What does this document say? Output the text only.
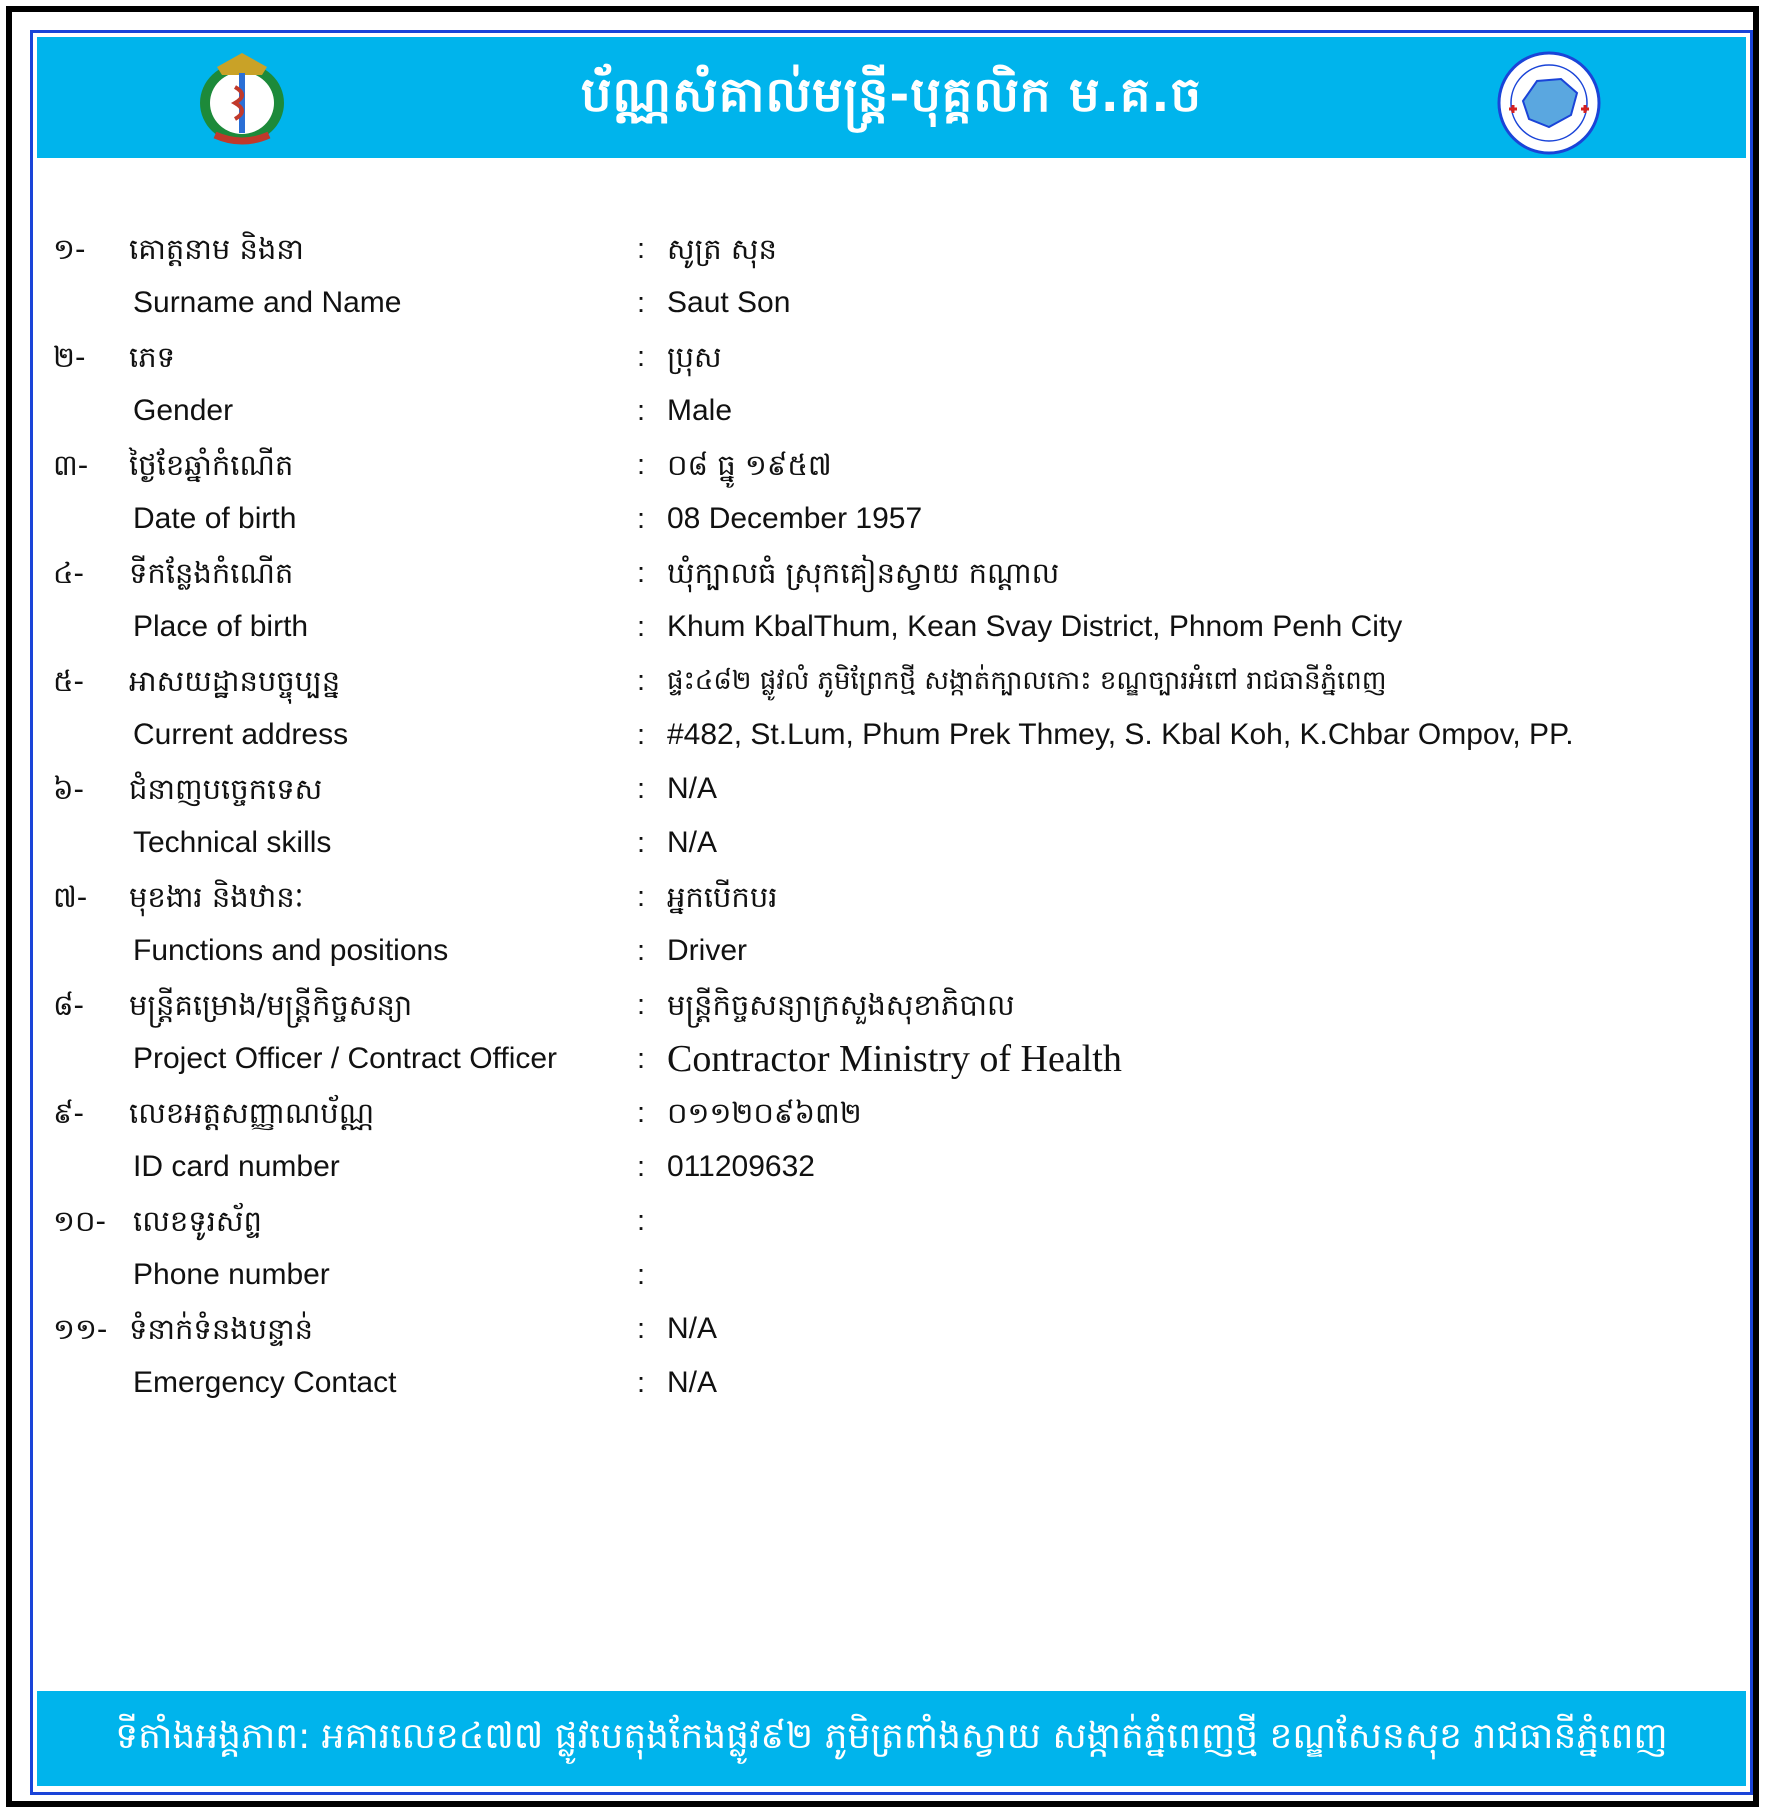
ប័ណ្ណសំគាល់មន្ត្រី-បុគ្គលិក ម.គ.ច
១- គោត្តនាម និងនា	: សូត្រ សុន
Surname and Name	: Saut Son
២- ភេទ	: ប្រុស
Gender	: Male
៣- ថ្ងៃខែឆ្នាំកំណើត	: ០៨ ធ្នូ ១៩៥៧
Date of birth	: 08 December 1957
៤- ទីកន្លែងកំណើត	: ឃុំក្បាលធំ ស្រុកគៀនស្វាយ កណ្តាល
Place of birth	: Khum KbalThum, Kean Svay District, Phnom Penh City
៥- អាសយដ្ឋានបច្ចុប្បន្ន	: ផ្ទះ៤៨២ ផ្លូវលំ ភូមិព្រែកថ្មី សង្កាត់ក្បាលកោះ ខណ្ឌច្បារអំពៅ រាជធានីភ្នំពេញ
Current address	: #482, St.Lum, Phum Prek Thmey, S. Kbal Koh, K.Chbar Ompov, PP.
៦- ជំនាញបច្ចេកទេស	: N/A
Technical skills	: N/A
៧- មុខងារ និងឋានៈ	: អ្នកបើកបរ
Functions and positions	: Driver
៨- មន្ត្រីគម្រោង/មន្ត្រីកិច្ចសន្យា	: មន្ត្រីកិច្ចសន្យាក្រសួងសុខាភិបាល
Project Officer / Contract Officer	: Contractor Ministry of Health
៩- លេខអត្តសញ្ញាណប័ណ្ណ	: ០១១២០៩៦៣២
ID card number	: 011209632
១០- លេខទូរស័ព្ទ	:
Phone number	:
១១- ទំនាក់ទំនងបន្ទាន់	: N/A
Emergency Contact	: N/A
ទីតាំងអង្គភាព: អគារលេខ៤៧៧ ផ្លូវបេតុងកែងផ្លូវ៩២ ភូមិត្រពាំងស្វាយ សង្កាត់ភ្នំពេញថ្មី ខណ្ឌសែនសុខ រាជធានីភ្នំពេញ
